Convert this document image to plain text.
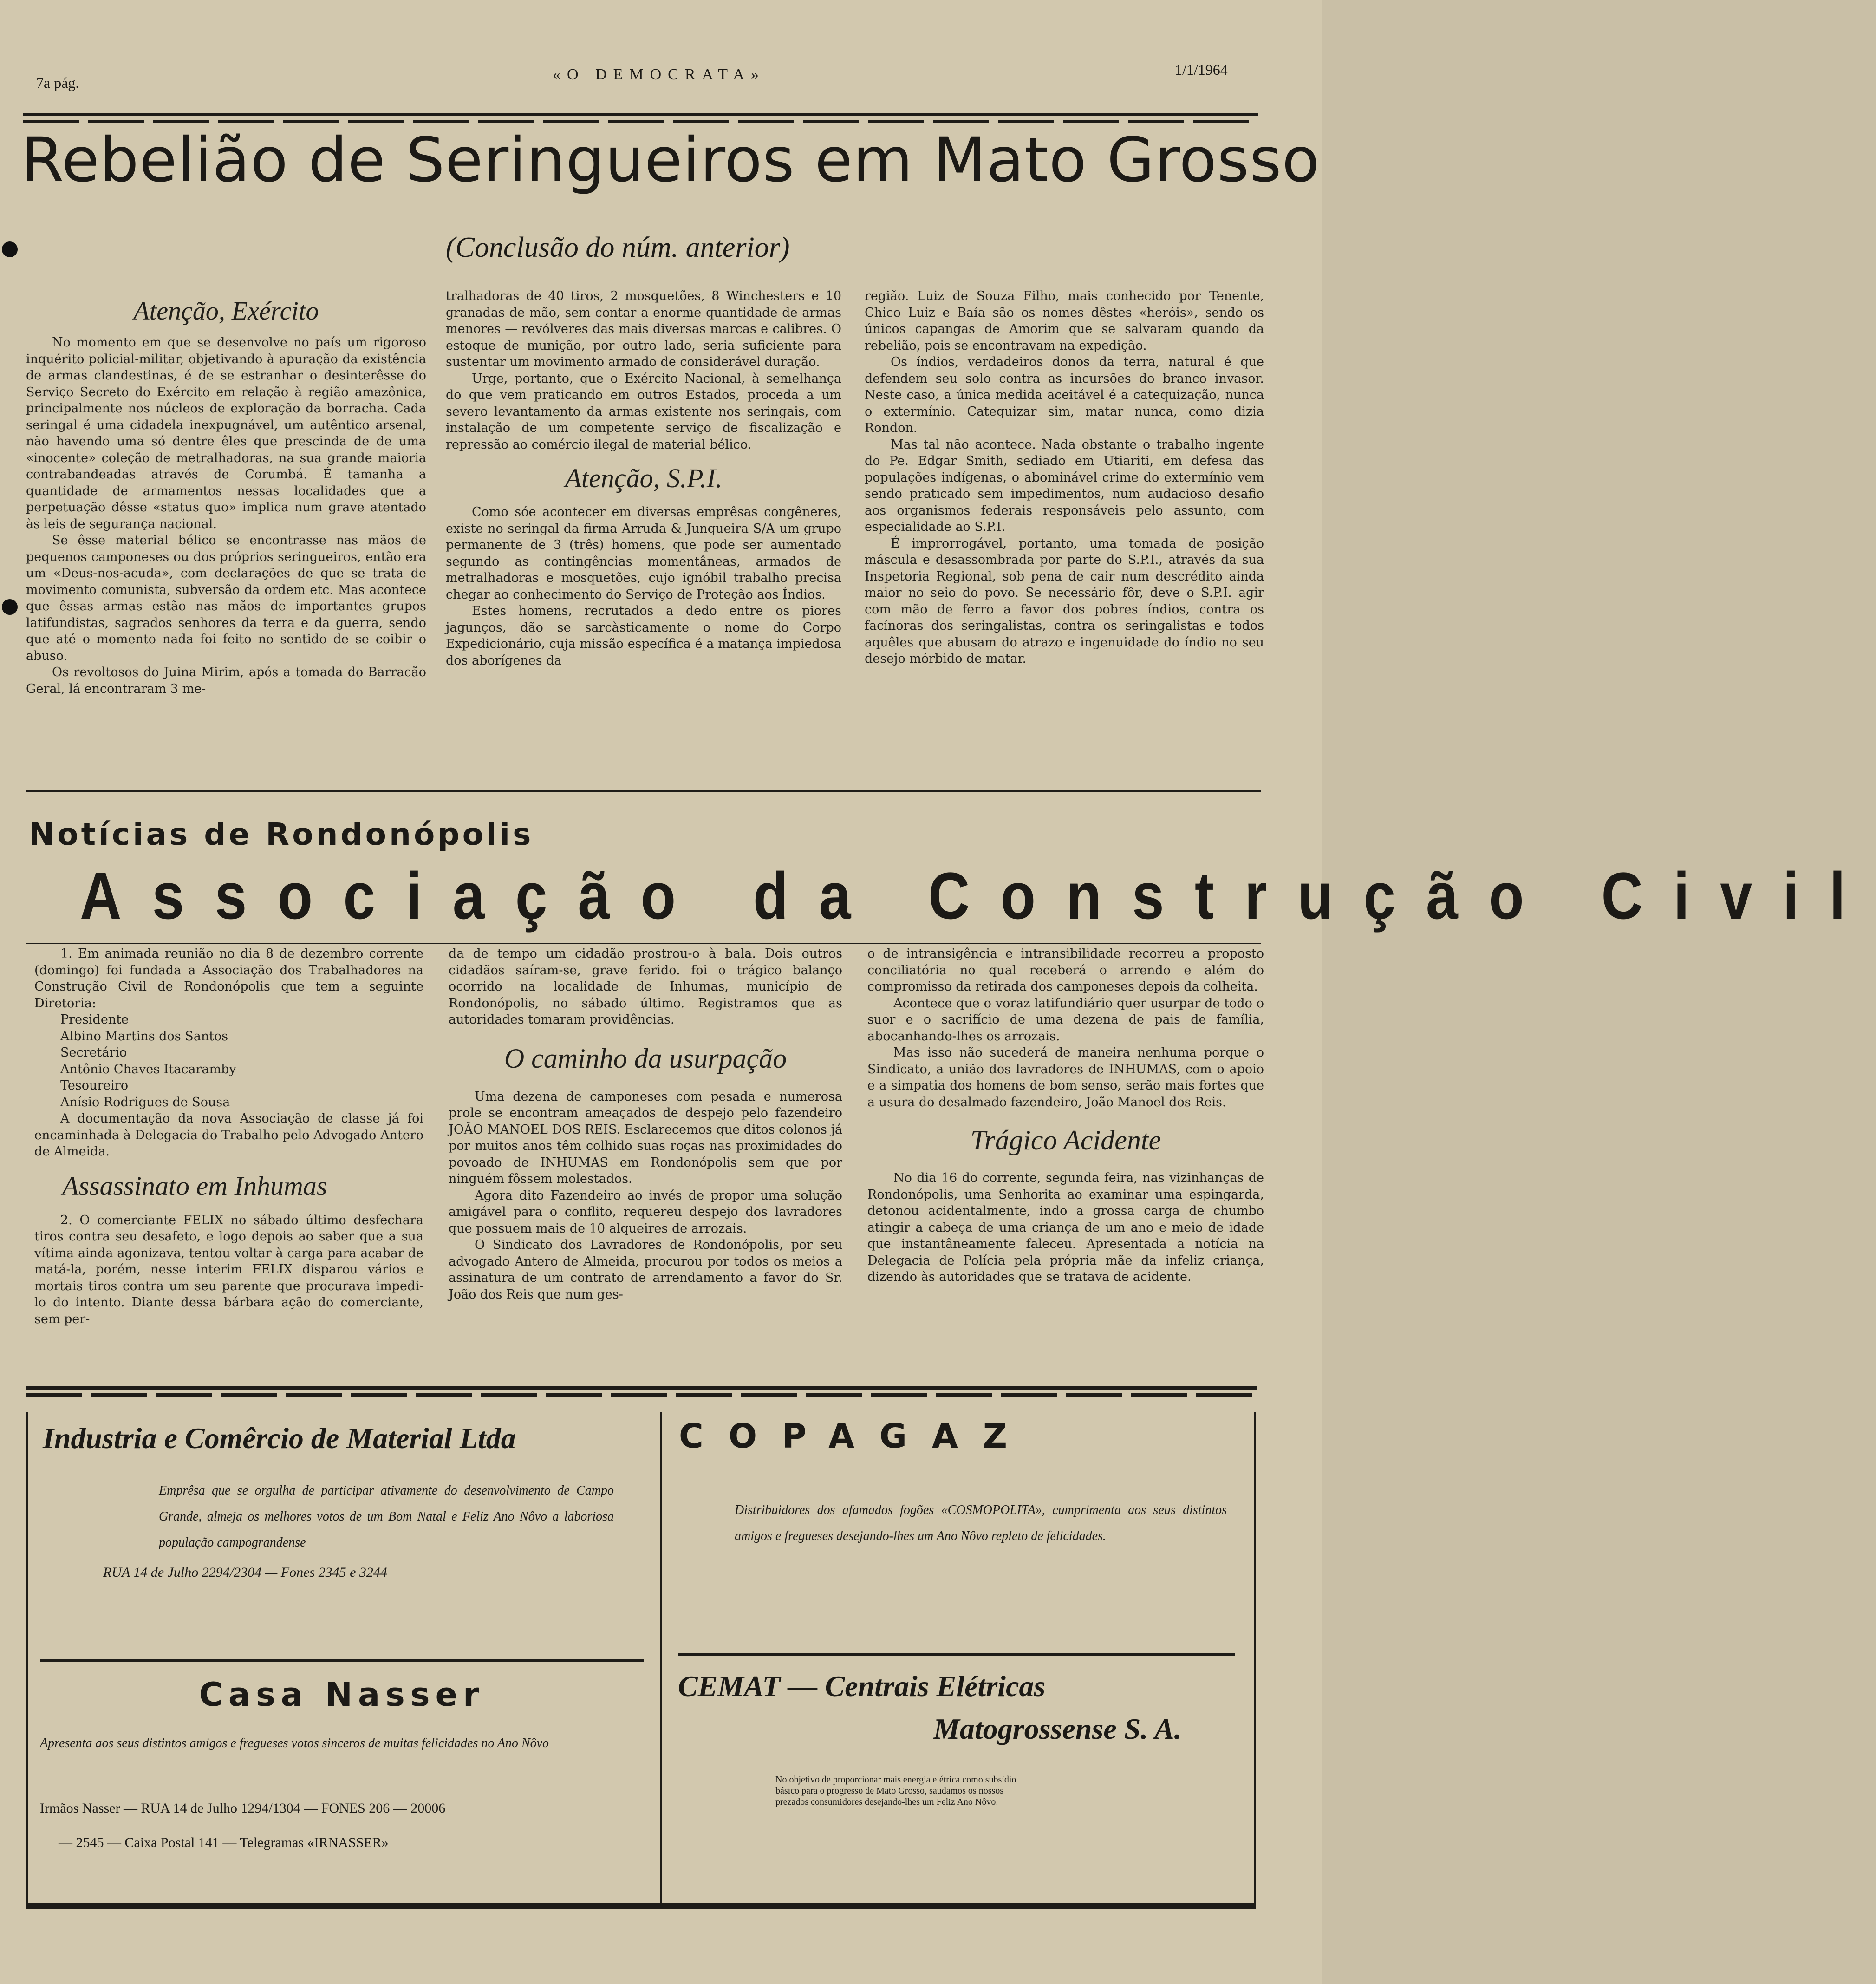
7a pág.	«O DEMOCRATA»	1/1/1964
Rebelião de Seringueiros em Mato Grosso
(Conclusão do núm. anterior)
Atenção, Exército

No momento em que se desenvolve no país um rigoroso inquérito policial-militar, objetivando à apuração da existência de armas clandestinas, é de se estranhar o desinterêsse do Serviço Secreto do Exército em relação à região amazônica, principalmente nos núcleos de exploração da borracha. Cada seringal é uma cidadela inexpugnável, um autêntico arsenal, não havendo uma só dentre êles que prescinda de de uma «inocente» coleção de metralhadoras, na sua grande maioria contrabandeadas através de Corumbá. É tamanha a quantidade de armamentos nessas localidades que a perpetuação dêsse «status quo» implica num grave atentado às leis de segurança nacional.

Se êsse material bélico se encontrasse nas mãos de pequenos camponeses ou dos próprios seringueiros, então era um «Deus-nos-acuda», com declarações de que se trata de movimento comunista, subversão da ordem etc. Mas acontece que êssas armas estão nas mãos de importantes grupos latifundistas, sagrados senhores da terra e da guerra, sendo que até o momento nada foi feito no sentido de se coibir o abuso.

Os revoltosos do Juina Mirim, após a tomada do Barracão Geral, lá encontraram 3 me-

tralhadoras de 40 tiros, 2 mosquetões, 8 Winchesters e 10 granadas de mão, sem contar a enorme quantidade de armas menores — revólveres das mais diversas marcas e calibres. O estoque de munição, por outro lado, seria suficiente para sustentar um movimento armado de considerável duração.

Urge, portanto, que o Exército Nacional, à semelhança do que vem praticando em outros Estados, proceda a um severo levantamento da armas existente nos seringais, com instalação de um competente serviço de fiscalização e repressão ao comércio ilegal de material bélico.

Atenção, S.P.I.

Como sóe acontecer em diversas emprêsas congêneres, existe no seringal da firma Arruda & Junqueira S/A um grupo permanente de 3 (três) homens, que pode ser aumentado segundo as contingências momentâneas, armados de metralhadoras e mosquetões, cujo ignóbil trabalho precisa chegar ao conhecimento do Serviço de Proteção aos Índios.

Estes homens, recrutados a dedo entre os piores jagunços, dão se sarcàsticamente o nome do Corpo Expedicionário, cuja missão específica é a matança impiedosa dos aborígenes da

região. Luiz de Souza Filho, mais conhecido por Tenente, Chico Luiz e Baía são os nomes dêstes «heróis», sendo os únicos capangas de Amorim que se salvaram quando da rebelião, pois se encontravam na expedição.

Os índios, verdadeiros donos da terra, natural é que defendem seu solo contra as incursões do branco invasor. Neste caso, a única medida aceitável é a catequização, nunca o extermínio. Catequizar sim, matar nunca, como dizia Rondon.

Mas tal não acontece. Nada obstante o trabalho ingente do Pe. Edgar Smith, sediado em Utiariti, em defesa das populações indígenas, o abominável crime do extermínio vem sendo praticado sem impedimentos, num audacioso desafio aos organismos federais responsáveis pelo assunto, com especialidade ao S.P.I.

É improrrogável, portanto, uma tomada de posição máscula e desassombrada por parte do S.P.I., através da sua Inspetoria Regional, sob pena de cair num descrédito ainda maior no seio do povo. Se necessário fôr, deve o S.P.I. agir com mão de ferro a favor dos pobres índios, contra os facínoras dos seringalistas, contra os seringalistas e todos aquêles que abusam do atrazo e ingenuidade do índio no seu desejo mórbido de matar.

Notícias de Rondonópolis
Associação da Construção Civil

1. Em animada reunião no dia 8 de dezembro corrente (domingo) foi fundada a Associação dos Trabalhadores na Construção Civil de Rondonópolis que tem a seguinte Diretoria:

Presidente
Albino Martins dos Santos
Secretário
Antônio Chaves Itacaramby
Tesoureiro
Anísio Rodrigues de Sousa

A documentação da nova Associação de classe já foi encaminhada à Delegacia do Trabalho pelo Advogado Antero de Almeida.

Assassinato em Inhumas

2. O comerciante FELIX no sábado último desfechara tiros contra seu desafeto, e logo depois ao saber que a sua vítima ainda agonizava, tentou voltar à carga para acabar de matá-la, porém, nesse interim FELIX disparou vários e mortais tiros contra um seu parente que procurava impedi-lo do intento. Diante dessa bárbara ação do comerciante, sem per-

da de tempo um cidadão prostrou-o à bala. Dois outros cidadãos saíram-se, grave ferido. foi o trágico balanço ocorrido na localidade de Inhumas, município de Rondonópolis, no sábado último. Registramos que as autoridades tomaram providências.

O caminho da usurpação

Uma dezena de camponeses com pesada e numerosa prole se encontram ameaçados de despejo pelo fazendeiro JOÃO MANOEL DOS REIS. Esclarecemos que ditos colonos já por muitos anos têm colhido suas roças nas proximidades do povoado de INHUMAS em Rondonópolis sem que por ninguém fôssem molestados.

Agora dito Fazendeiro ao invés de propor uma solução amigável para o conflito, requereu despejo dos lavradores que possuem mais de 10 alqueires de arrozais.

O Sindicato dos Lavradores de Rondonópolis, por seu advogado Antero de Almeida, procurou por todos os meios a assinatura de um contrato de arrendamento a favor do Sr. João dos Reis que num ges-

o de intransigência e intransibilidade recorreu a proposto conciliatória no qual receberá o arrendo e além do compromisso da retirada dos camponeses depois da colheita.

Acontece que o voraz latifundiário quer usurpar de todo o suor e o sacrifício de uma dezena de pais de família, abocanhando-lhes os arrozais.

Mas isso não sucederá de maneira nenhuma porque o Sindicato, a união dos lavradores de INHUMAS, com o apoio e a simpatia dos homens de bom senso, serão mais fortes que a usura do desalmado fazendeiro, João Manoel dos Reis.

Trágico Acidente

No dia 16 do corrente, segunda feira, nas vizinhanças de Rondonópolis, uma Senhorita ao examinar uma espingarda, detonou acidentalmente, indo a grossa carga de chumbo atingir a cabeça de uma criança de um ano e meio de idade que instantâneamente faleceu. Apresentada a notícia na Delegacia de Polícia pela própria mãe da infeliz criança, dizendo às autoridades que se tratava de acidente.

Industria e Comêrcio de Material Ltda
Emprêsa que se orgulha de participar ativamente do desenvolvimento de Campo Grande, almeja os melhores votos de um Bom Natal e Feliz Ano Nôvo a laboriosa população campograndense
RUA 14 de Julho 2294/2304 — Fones 2345 e 3244
COPAGAZ
Distribuidores dos afamados fogões «COSMOPOLITA», cumprimenta aos seus distintos amigos e fregueses desejando-lhes um Ano Nôvo repleto de felicidades.
Casa Nasser
Apresenta aos seus distintos amigos e fregueses votos sinceros de muitas felicidades no Ano Nôvo
Irmãos Nasser — RUA 14 de Julho 1294/1304 — FONES 206 — 20006
— 2545 — Caixa Postal 141 — Telegramas «IRNASSER»
CEMAT — Centrais Elétricas
Matogrossense S. A.
No objetivo de proporcionar mais energia elétrica como subsídio básico para o progresso de Mato Grosso, saudamos os nossos prezados consumidores desejando-lhes um Feliz Ano Nôvo.
